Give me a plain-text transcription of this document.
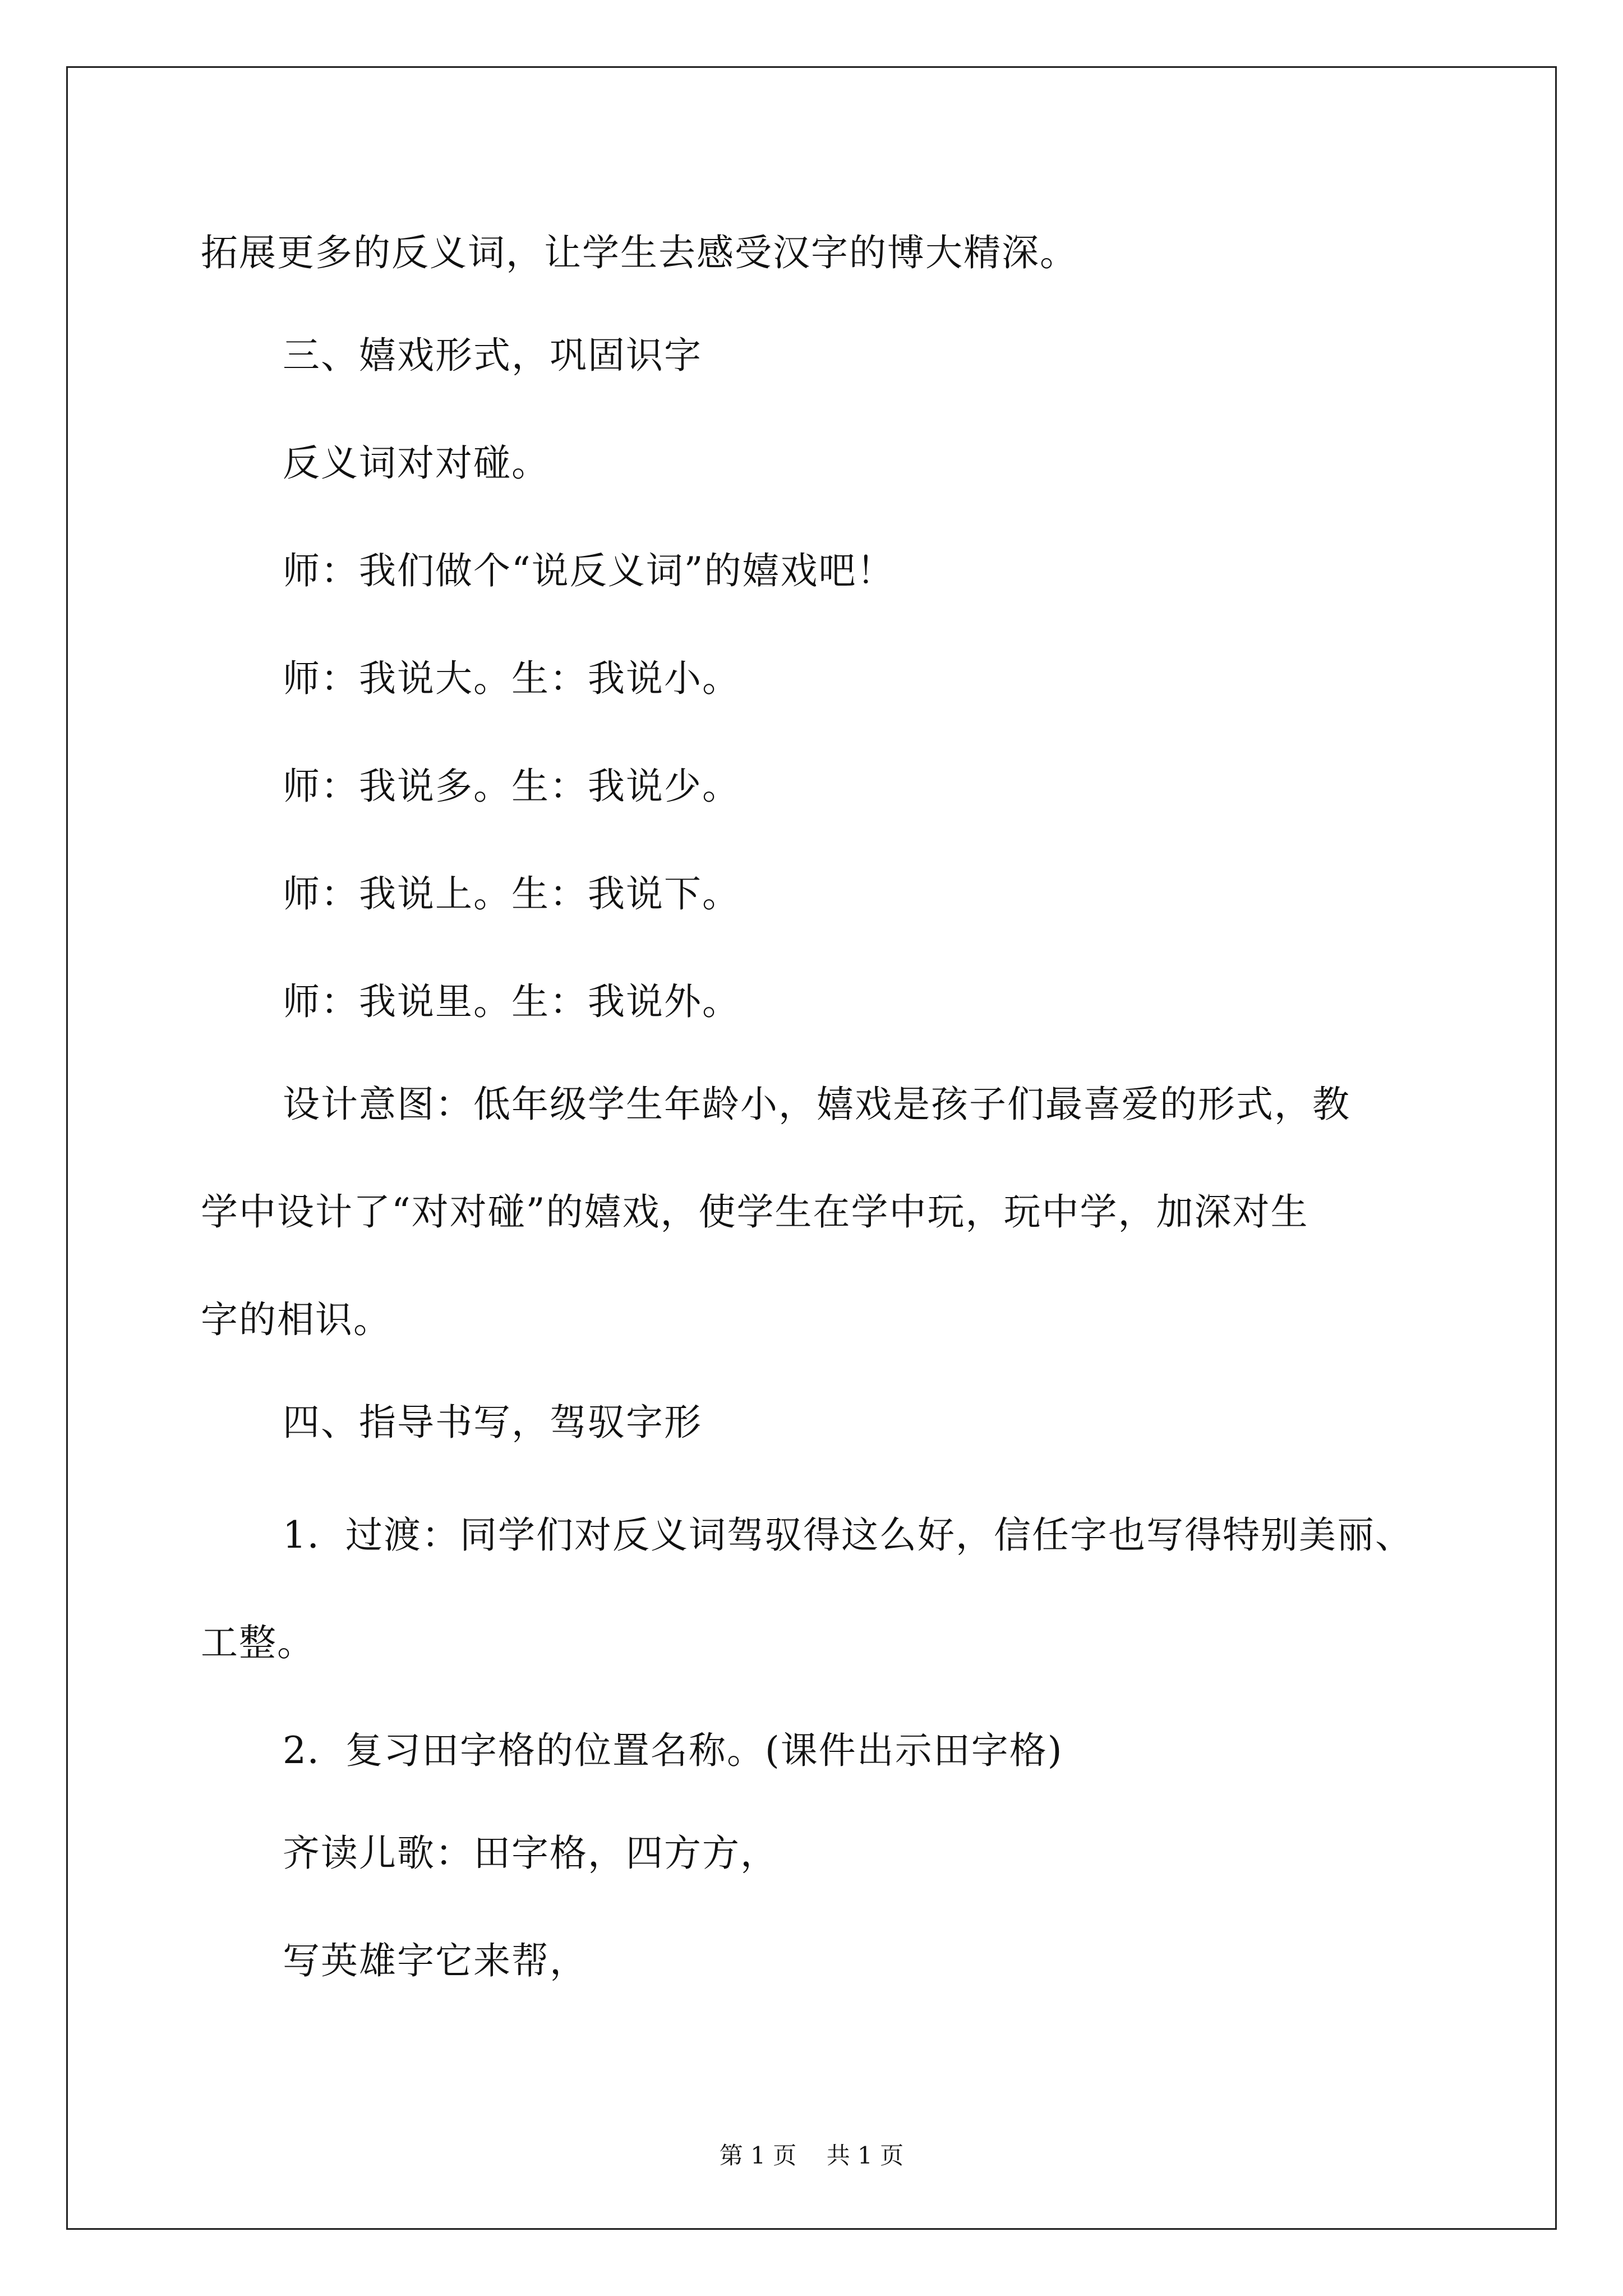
拓展更多的反义词，让学生去感受汉字的博大精深。
三、嬉戏形式，巩固识字
反义词对对碰。
师：我们做个“说反义词”的嬉戏吧！
师：我说大。生：我说小。
师：我说多。生：我说少。
师：我说上。生：我说下。
师：我说里。生：我说外。
设计意图：低年级学生年龄小，嬉戏是孩子们最喜爱的形式，教
学中设计了“对对碰”的嬉戏，使学生在学中玩，玩中学，加深对生
字的相识。
四、指导书写，驾驭字形
1．过渡：同学们对反义词驾驭得这么好，信任字也写得特别美丽、
工整。
2．复习田字格的位置名称。(课件出示田字格)
齐读儿歌：田字格，四方方，
写英雄字它来帮，
第 1 页    共 1 页
